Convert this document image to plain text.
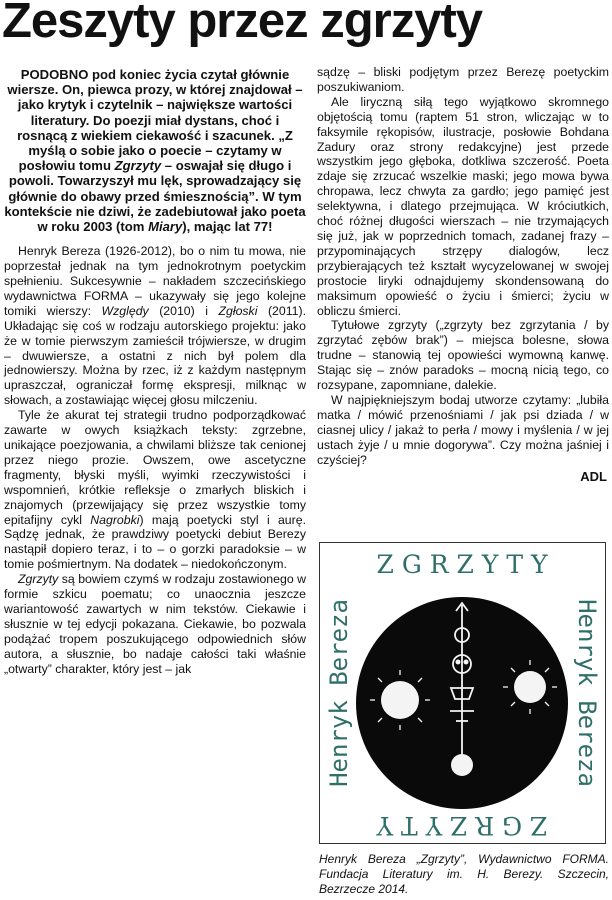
Zeszyty przez zgrzyty
PODOBNO pod koniec życia czytał głównie wiersze. On, piewca prozy, w której znajdował – jako krytyk i czytelnik – największe wartości literatury. Do poezji miał dystans, choć i rosnącą z wiekiem ciekawość i szacunek. „Z myślą o sobie jako o poecie – czytamy w posłowiu tomu Zgrzyty – oswajał się długo i powoli. Towarzyszył mu lęk, sprowadzający się głównie do obawy przed śmiesznością”. W tym kontekście nie dziwi, że zadebiutował jako poeta w roku 2003 (tom Miary), mając lat 77!

Henryk Bereza (1926-2012), bo o nim tu mowa, nie poprzestał jednak na tym jednokrotnym poetyckim spełnieniu. Sukcesywnie – nakładem szczecińskiego wydawnictwa FORMA – ukazywały się jego kolejne tomiki wierszy: Względy (2010) i Zgłoski (2011). Układając się coś w rodzaju autorskiego projektu: jako że w tomie pierwszym zamieścił trójwiersze, w drugim – dwuwiersze, a ostatni z nich był polem dla jednowierszy. Można by rzec, iż z każdym następnym upraszczał, ograniczał formę ekspresji, milknąc w słowach, a zostawiając więcej głosu milczeniu.

Tyle że akurat tej strategii trudno podporządkować zawarte w owych książkach teksty: zgrzebne, unikające poezjowania, a chwilami bliższe tak cenionej przez niego prozie. Owszem, owe ascetyczne fragmenty, błyski myśli, wyimki rzeczywistości i wspomnień, krótkie refleksje o zmarłych bliskich i znajomych (przewijający się przez wszystkie tomy epitafijny cykl Nagrobki) mają poetycki styl i aurę. Sądzę jednak, że prawdziwy poetycki debiut Berezy nastąpił dopiero teraz, i to – o gorzki paradoksie – w tomie pośmiertnym. Na dodatek – niedokończonym.

Zgrzyty są bowiem czymś w rodzaju zostawionego w formie szkicu poematu; co unaocznia jeszcze wariantowość zawartych w nim tekstów. Ciekawie i słusznie w tej edycji pokazana. Ciekawie, bo pozwala podążać tropem poszukującego odpowiednich słów autora, a słusznie, bo nadaje całości taki właśnie „otwarty” charakter, który jest – jak

sądzę – bliski podjętym przez Berezę poetyckim poszukiwaniom.

Ale liryczną siłą tego wyjątkowo skromnego objętością tomu (raptem 51 stron, wliczając w to faksymile rękopisów, ilustracje, posłowie Bohdana Zadury oraz strony redakcyjne) jest przede wszystkim jego głęboka, dotkliwa szczerość. Poeta zdaje się zrzucać wszelkie maski; jego mowa bywa chropawa, lecz chwyta za gardło; jego pamięć jest selektywna, i dlatego przejmująca. W króciutkich, choć różnej długości wierszach – nie trzymających się już, jak w poprzednich tomach, zadanej frazy – przypominających strzępy dialogów, lecz przybierających też kształt wycyzelowanej w swojej prostocie liryki odnajdujemy skondensowaną do maksimum opowieść o życiu i śmierci; życiu w obliczu śmierci.

Tytułowe zgrzyty („zgrzyty bez zgrzytania / by zgrzytać zębów brak”) – miejsca bolesne, słowa trudne – stanowią tej opowieści wymowną kanwę. Stając się – znów paradoks – mocną nicią tego, co rozsypane, zapomniane, dalekie.

W najpiękniejszym bodaj utworze czytamy: „lubiła matka / mówić przenośniami / jak psi dziada / w ciasnej ulicy / jakaż to perła / mowy i myślenia / w jej ustach żyje / u mnie dogorywa”. Czy można jaśniej i czyściej?

ADL
Z G R Z Y T Y
Z G R Z Y T Y
Henryk Bereza	Henryk Bereza

Henryk Bereza „Zgrzyty”, Wydawnictwo FORMA. Fundacja Literatury im. H. Berezy. Szczecin, Bezrzecze 2014.
